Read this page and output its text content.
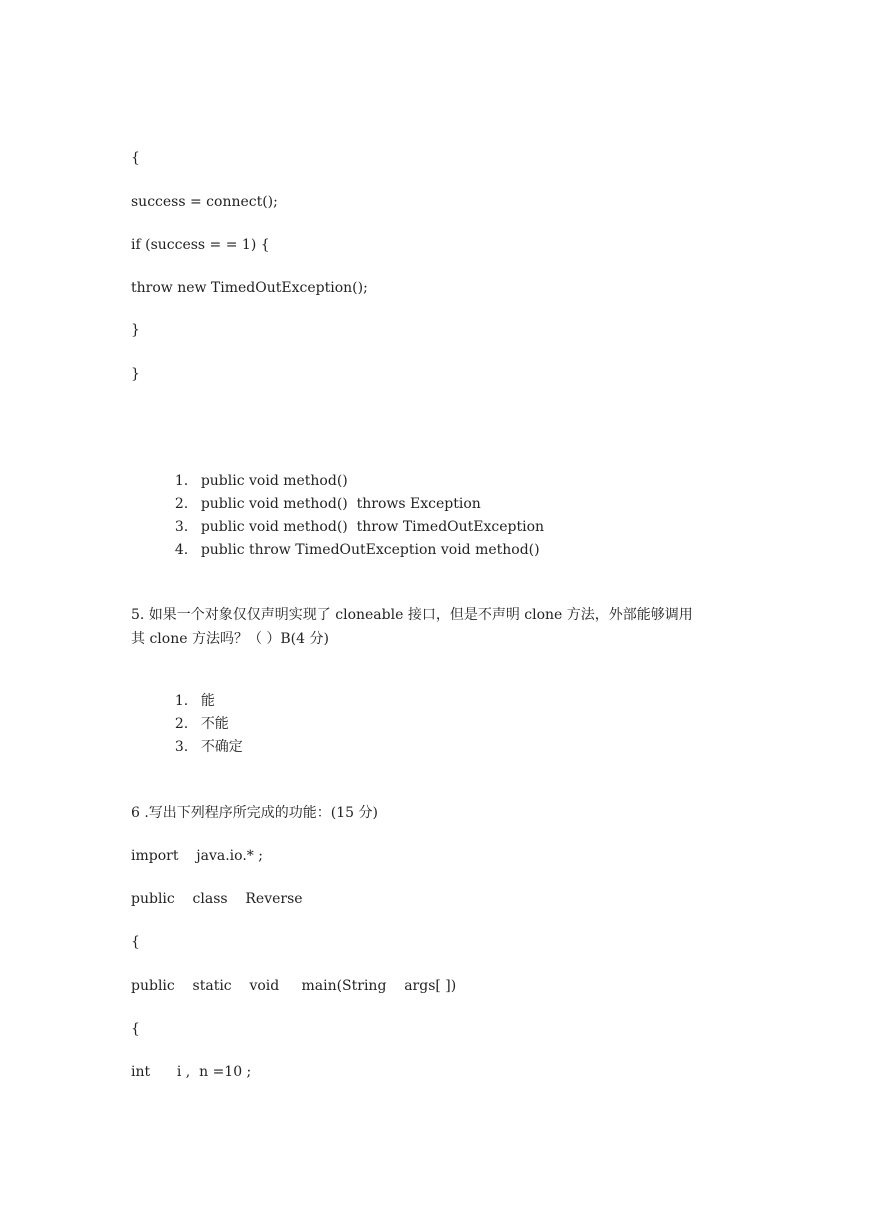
{
success = connect();
if (success = = 1) {
throw new TimedOutException();
}
}

1. public void method()

2. public void method()  throws Exception

3. public void method()  throw TimedOutException

4. public throw TimedOutException void method()

5. 如果一个对象仅仅声明实现了 cloneable 接口，但是不声明 clone 方法，外部能够调用
其 clone 方法吗？（ ）B(4 分)

1. 能

2. 不能

3. 不确定

6 .写出下列程序所完成的功能：(15 分)
import    java.io.* ;
public    class    Reverse
{
public    static    void     main(String    args[ ])
{
int      i ,  n =10 ;
